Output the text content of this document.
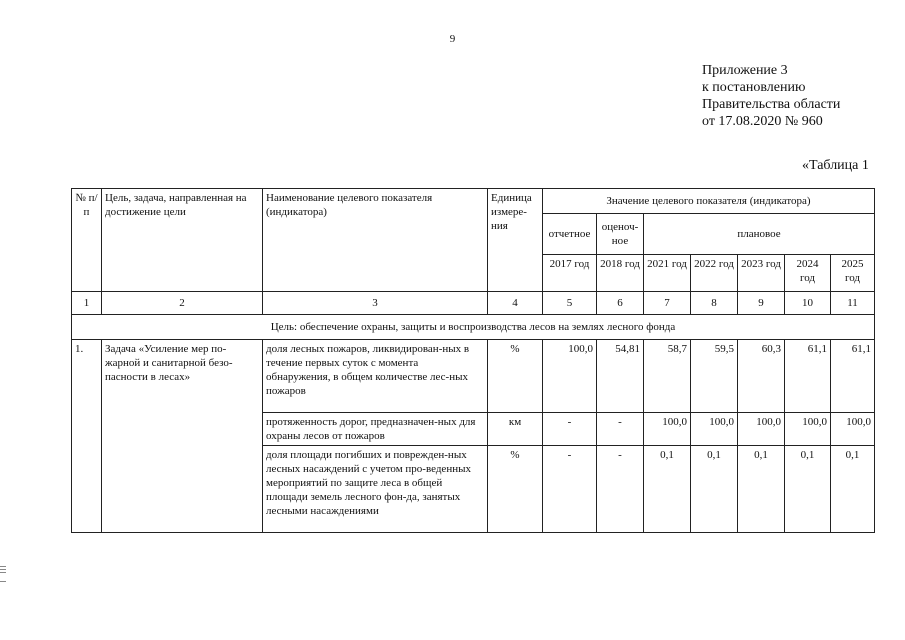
9
Приложение 3
к постановлению
Правительства области
от 17.08.2020 № 960
«Таблица 1
№ п/п	Цель, задача, направленная на достижение цели	Наименование целевого показателя (индикатора)	Единица измере-ния	Значение целевого показателя (индикатора)						
				отчетное	оценоч-ное	плановое				
				2017 год	2018 год	2021 год	2022 год	2023 год	2024 год	2025 год
1	2	3	4	5	6	7	8	9	10	11
Цель: обеспечение охраны, защиты и воспроизводства лесов на землях лесного фонда										
1.	Задача «Усиление мер по-жарной и санитарной безо-пасности в лесах»	доля лесных пожаров, ликвидирован-ных в течение первых суток с момента обнаружения, в общем количестве лес-ных пожаров	%	100,0	54,81	58,7	59,5	60,3	61,1	61,1
		протяженность дорог, предназначен-ных для охраны лесов от пожаров	км	-	-	100,0	100,0	100,0	100,0	100,0
		доля площади погибших и поврежден-ных лесных насаждений с учетом про-веденных мероприятий по защите леса в общей площади земель лесного фон-да, занятых лесными насаждениями	%	-	-	0,1	0,1	0,1	0,1	0,1
